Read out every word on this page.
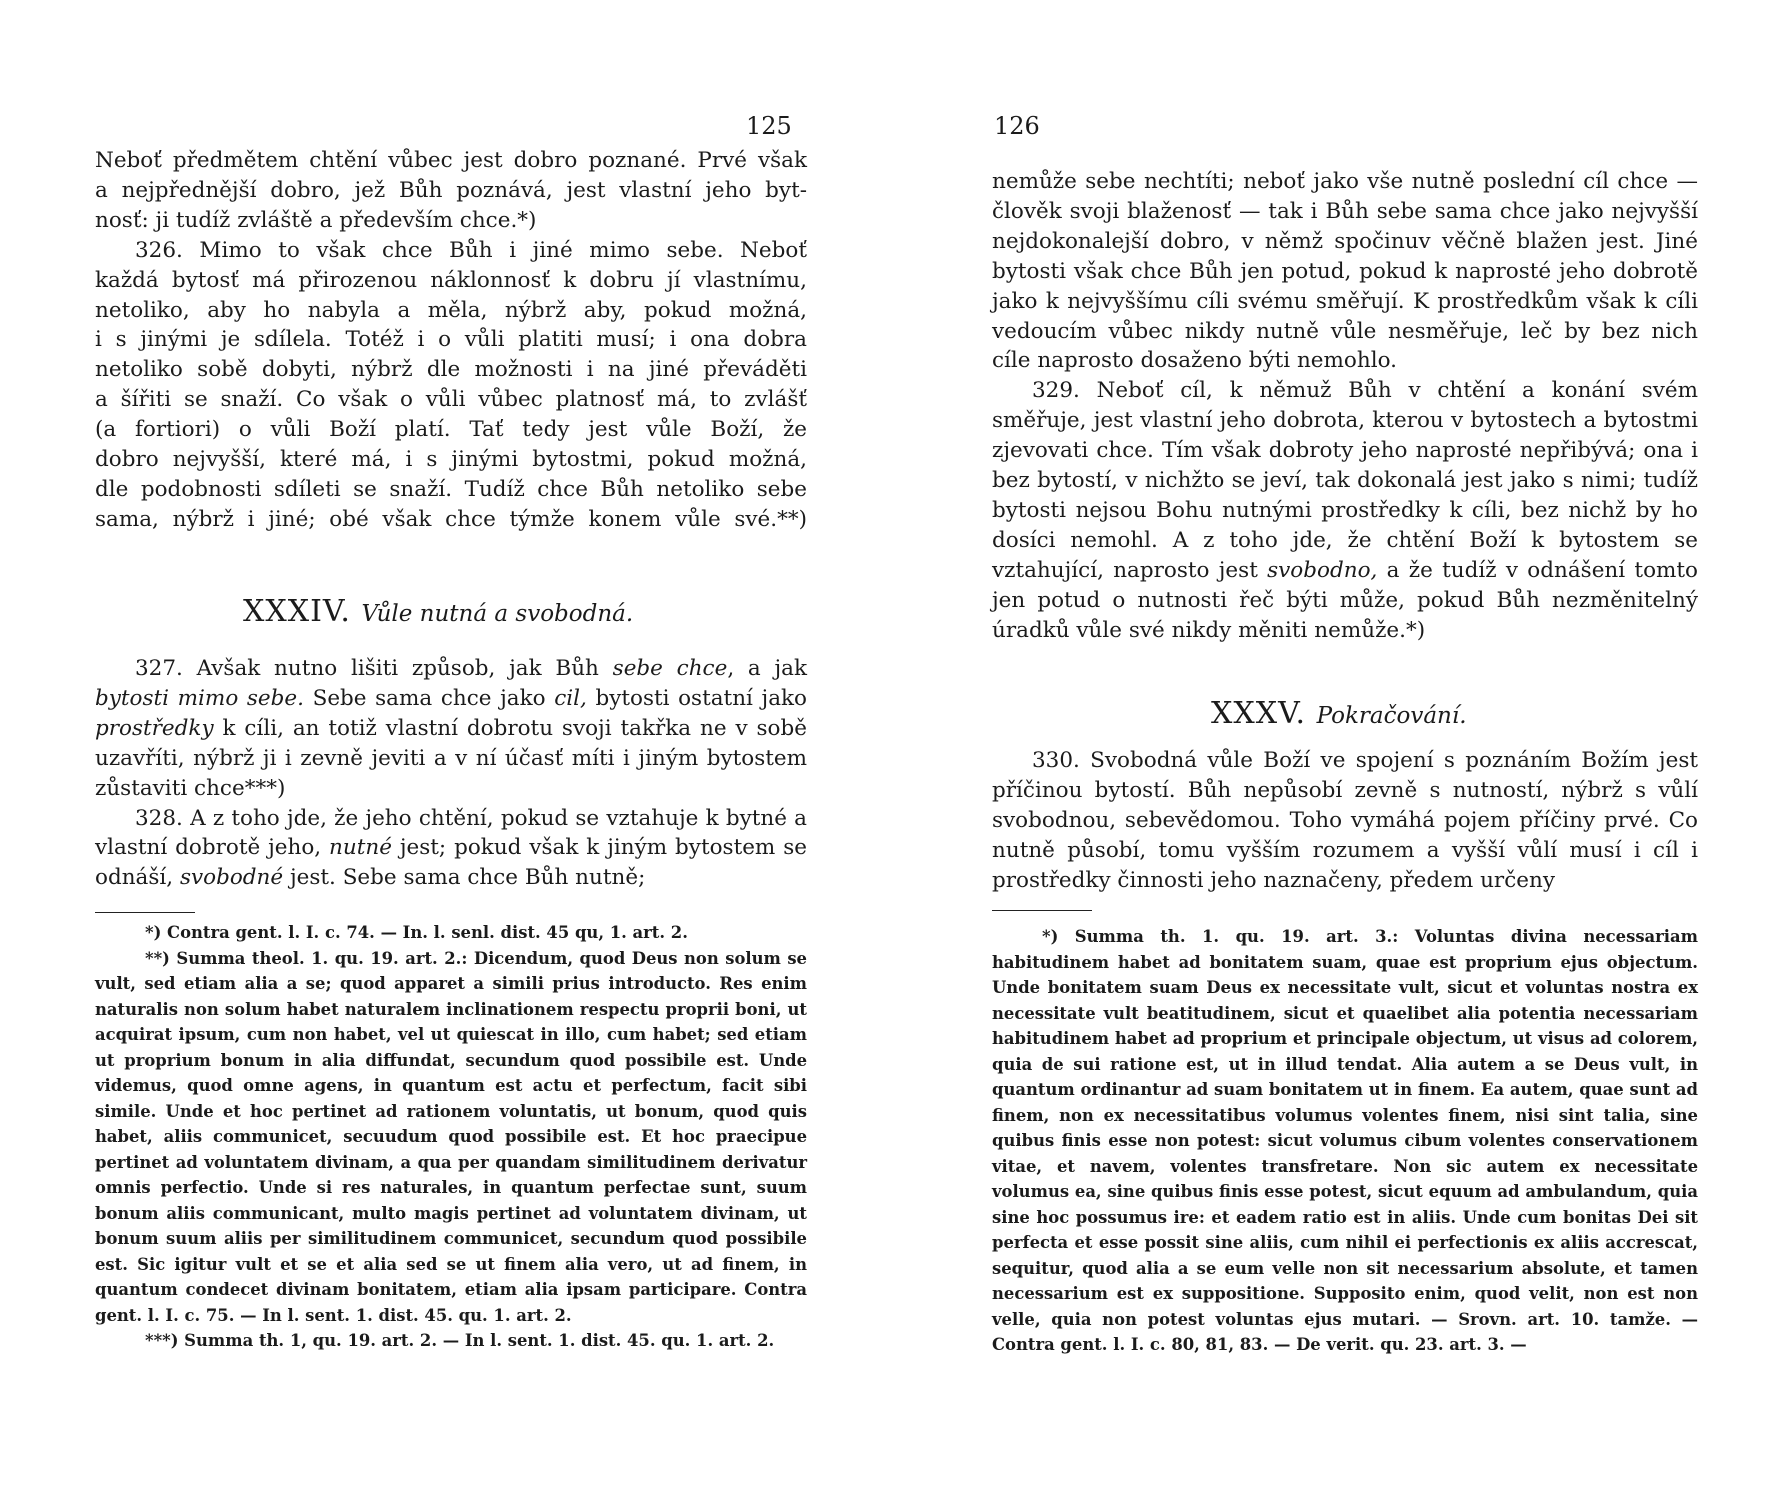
125

Neboť předmětem chtění vůbec jest dobro poznané. Prvé však

a nejpřednější dobro, jež Bůh poznává, jest vlastní jeho byt-

nosť: ji tudíž zvláště a především chce.*)

326. Mimo to však chce Bůh i jiné mimo sebe. Neboť

každá bytosť má přirozenou náklonnosť k dobru jí vlastnímu,

netoliko, aby ho nabyla a měla, nýbrž aby, pokud možná,

i s jinými je sdílela. Totéž i o vůli platiti musí; i ona dobra

netoliko sobě dobyti, nýbrž dle možnosti i na jiné převáděti

a šířiti se snaží. Co však o vůli vůbec platnosť má, to zvlášť

(a fortiori) o vůli Boží platí. Tať tedy jest vůle Boží, že

dobro nejvyšší, které má, i s jinými bytostmi, pokud možná,

dle podobnosti sdíleti se snaží. Tudíž chce Bůh netoliko sebe

sama, nýbrž i jiné; obé však chce týmže konem vůle své.**)

XXXIV. Vůle nutná a svobodná.

327. Avšak nutno lišiti způsob, jak Bůh sebe chce, a jak bytosti mimo sebe. Sebe sama chce jako cil, bytosti ostatní jako prostředky k cíli, an totiž vlastní dobrotu svoji takřka ne v sobě uzavříti, nýbrž ji i zevně jeviti a v ní účasť míti i jiným bytostem zůstaviti chce***)

328. A z toho jde, že jeho chtění, pokud se vztahuje k bytné a vlastní dobrotě jeho, nutné jest; pokud však k jiným bytostem se odnáší, svobodné jest. Sebe sama chce Bůh nutně;

*) Contra gent. l. I. c. 74. — In. l. senl. dist. 45 qu, 1. art. 2.

**) Summa theol. 1. qu. 19. art. 2.: Dicendum, quod Deus non solum se vult, sed etiam alia a se; quod apparet a simili prius introducto. Res enim naturalis non solum habet naturalem inclinationem respectu proprii boni, ut acquirat ipsum, cum non habet, vel ut quiescat in illo, cum habet; sed etiam ut proprium bonum in alia diffundat, secundum quod possibile est. Unde videmus, quod omne agens, in quantum est actu et perfectum, facit sibi simile. Unde et hoc pertinet ad rationem voluntatis, ut bonum, quod quis habet, aliis communicet, secuudum quod possibile est. Et hoc praecipue pertinet ad voluntatem divinam, a qua per quandam similitudinem derivatur omnis perfectio. Unde si res naturales, in quantum perfectae sunt, suum bonum aliis communicant, multo magis pertinet ad voluntatem divinam, ut bonum suum aliis per similitudinem communicet, secundum quod possibile est. Sic igitur vult et se et alia sed se ut finem alia vero, ut ad finem, in quantum condecet divinam bonitatem, etiam alia ipsam participare. Contra gent. l. I. c. 75. — In l. sent. 1. dist. 45. qu. 1. art. 2.

***) Summa th. 1, qu. 19. art. 2. — In l. sent. 1. dist. 45. qu. 1. art. 2.

126

nemůže sebe nechtíti; neboť jako vše nutně poslední cíl chce — člověk svoji blaženosť — tak i Bůh sebe sama chce jako nejvyšší nejdokonalejší dobro, v němž spočinuv věčně blažen jest. Jiné bytosti však chce Bůh jen potud, pokud k naprosté jeho dobrotě jako k nejvyššímu cíli svému směřují. K prostředkům však k cíli vedoucím vůbec nikdy nutně vůle nesměřuje, leč by bez nich cíle naprosto dosaženo býti nemohlo.

329. Neboť cíl, k němuž Bůh v chtění a konání svém směřuje, jest vlastní jeho dobrota, kterou v bytostech a bytostmi zjevovati chce. Tím však dobroty jeho naprosté nepřibývá; ona i bez bytostí, v nichžto se jeví, tak dokonalá jest jako s nimi; tudíž bytosti nejsou Bohu nutnými prostředky k cíli, bez nichž by ho dosíci nemohl. A z toho jde, že chtění Boží k bytostem se vztahující, naprosto jest svobodno, a že tudíž v odnášení tomto jen potud o nutnosti řeč býti může, pokud Bůh nezměnitelný úradků vůle své nikdy měniti nemůže.*)

XXXV. Pokračování.

330. Svobodná vůle Boží ve spojení s poznáním Božím jest příčinou bytostí. Bůh nepůsobí zevně s nutností, nýbrž s vůlí svobodnou, sebevědomou. Toho vymáhá pojem příčiny prvé. Co nutně působí, tomu vyšším rozumem a vyšší vůlí musí i cíl i prostředky činnosti jeho naznačeny, předem určeny

*) Summa th. 1. qu. 19. art. 3.: Voluntas divina necessariam habitudinem habet ad bonitatem suam, quae est proprium ejus objectum. Unde bonitatem suam Deus ex necessitate vult, sicut et voluntas nostra ex necessitate vult beatitudinem, sicut et quaelibet alia potentia necessariam habitudinem habet ad proprium et principale objectum, ut visus ad colorem, quia de sui ratione est, ut in illud tendat. Alia autem a se Deus vult, in quantum ordinantur ad suam bonitatem ut in finem. Ea autem, quae sunt ad finem, non ex necessitatibus volumus volentes finem, nisi sint talia, sine quibus finis esse non potest: sicut volumus cibum volentes conservationem vitae, et navem, volentes transfretare. Non sic autem ex necessitate volumus ea, sine quibus finis esse potest, sicut equum ad ambulandum, quia sine hoc possumus ire: et eadem ratio est in aliis. Unde cum bonitas Dei sit perfecta et esse possit sine aliis, cum nihil ei perfectionis ex aliis accrescat, sequitur, quod alia a se eum velle non sit necessarium absolute, et tamen necessarium est ex suppositione. Supposito enim, quod velit, non est non velle, quia non potest voluntas ejus mutari. — Srovn. art. 10. tamže. — Contra gent. l. I. c. 80, 81, 83. — De verit. qu. 23. art. 3. —
